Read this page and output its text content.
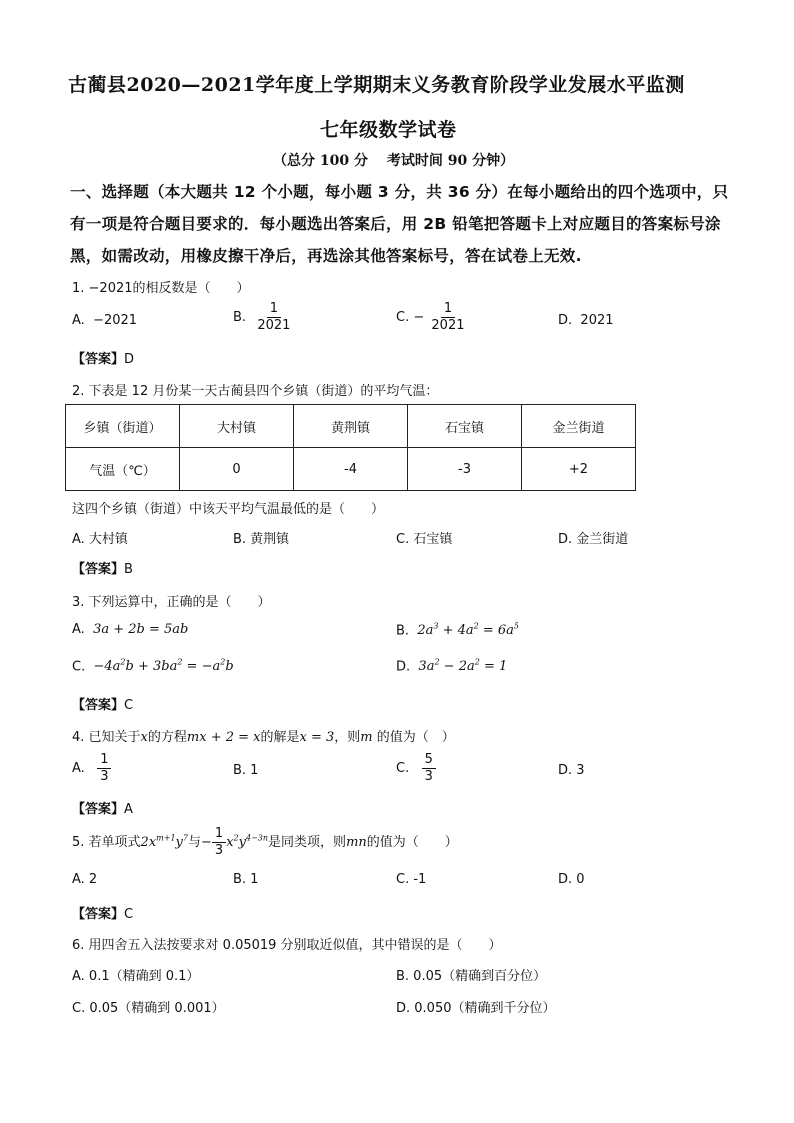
古蔺县2020—2021学年度上学期期末义务教育阶段学业发展水平监测
七年级数学试卷
（总分 100 分　 考试时间 90 分钟）
一、选择题（本大题共 12 个小题，每小题 3 分，共 36 分）在每小题给出的四个选项中，只
有一项是符合题目要求的．每小题选出答案后，用 2B 铅笔把答题卡上对应题目的答案标号涂
黑，如需改动，用橡皮擦干净后，再选涂其他答案标号，答在试卷上无效.
1. −2021的相反数是（　　）
A. −2021	B. $\frac{1}{2021}$	C. − $\frac{1}{2021}$	D. 2021
【答案】D
2. 下表是 12 月份某一天古蔺县四个乡镇（街道）的平均气温：
乡镇（街道）	大村镇	黄荆镇	石宝镇	金兰街道
气温（℃）	0	-4	-3	+2
这四个乡镇（街道）中该天平均气温最低的是（　　）
A. 大村镇	B. 黄荆镇	C. 石宝镇	D. 金兰街道
【答案】B
3. 下列运算中，正确的是（　　）
A. 3a + 2b = 5ab	B. $2a^3 + 4a^2 = 6a^5$
C. $-4a^2b + 3ba^2 = -a^2b$	D. $3a^2 - 2a^2 = 1$
【答案】C
4. 已知关于x的方程mx + 2 = x的解是x = 3，则m 的值为（　）
A. $\frac{1}{3}$	B. 1	C. $\frac{5}{3}$	D. 3
【答案】A
5. 若单项式$2x^{m+1}y^7$与− $\frac{1}{3} x^2y^{4-3n}$是同类项，则mn的值为（　　）
A. 2	B. 1	C. -1	D. 0
【答案】C
6. 用四舍五入法按要求对 0.05019 分别取近似值，其中错误的是（　　）
A. 0.1（精确到 0.1）	B. 0.05（精确到百分位）
C. 0.05（精确到 0.001）	D. 0.050（精确到千分位）
